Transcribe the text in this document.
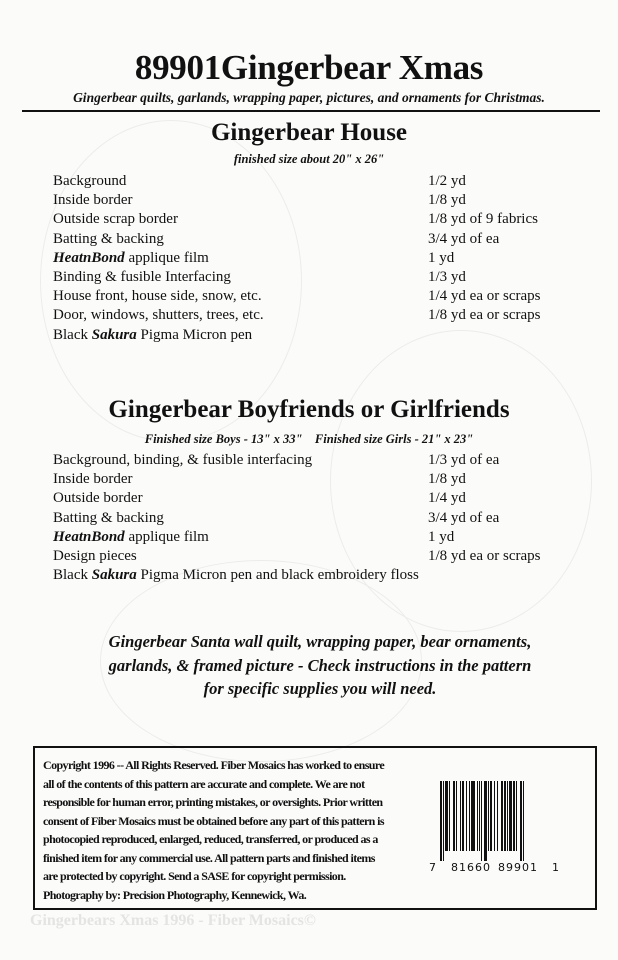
89901Gingerbear Xmas
Gingerbear quilts, garlands, wrapping paper, pictures, and ornaments for Christmas.
Gingerbear House
finished size about 20" x 26"
Background	1/2 yd
Inside border	1/8 yd
Outside scrap border	1/8 yd of 9 fabrics
Batting & backing	3/4 yd of ea
HeatnBond applique film	1 yd
Binding & fusible Interfacing	1/3 yd
House front, house side, snow, etc.	1/4 yd ea or scraps
Door, windows, shutters, trees, etc.	1/8 yd ea or scraps
Black Sakura Pigma Micron pen
Gingerbear Boyfriends or Girlfriends
Finished size Boys - 13" x 33"    Finished size Girls - 21" x 23"
Background, binding, & fusible interfacing	1/3 yd of ea
Inside border	1/8 yd
Outside border	1/4 yd
Batting & backing	3/4 yd of ea
HeatnBond applique film	1 yd
Design pieces	1/8 yd ea or scraps
Black Sakura Pigma Micron pen and black embroidery floss
Gingerbear Santa wall quilt, wrapping paper, bear ornaments,
garlands, & framed picture - Check instructions in the pattern
for specific supplies you will need.
Copyright 1996 -- All Rights Reserved. Fiber Mosaics has worked to ensure all of the contents of this pattern are accurate and complete. We are not responsible for human error, printing mistakes, or oversights. Prior written consent of Fiber Mosaics must be obtained before any part of this pattern is photocopied reproduced, enlarged, reduced, transferred, or produced as a finished item for any commercial use. All pattern parts and finished items are protected by copyright. Send a SASE for copyright permission. Photography by: Precision Photography, Kennewick, Wa.
7 81660 89901 1
Gingerbears Xmas 1996 - Fiber Mosaics©
